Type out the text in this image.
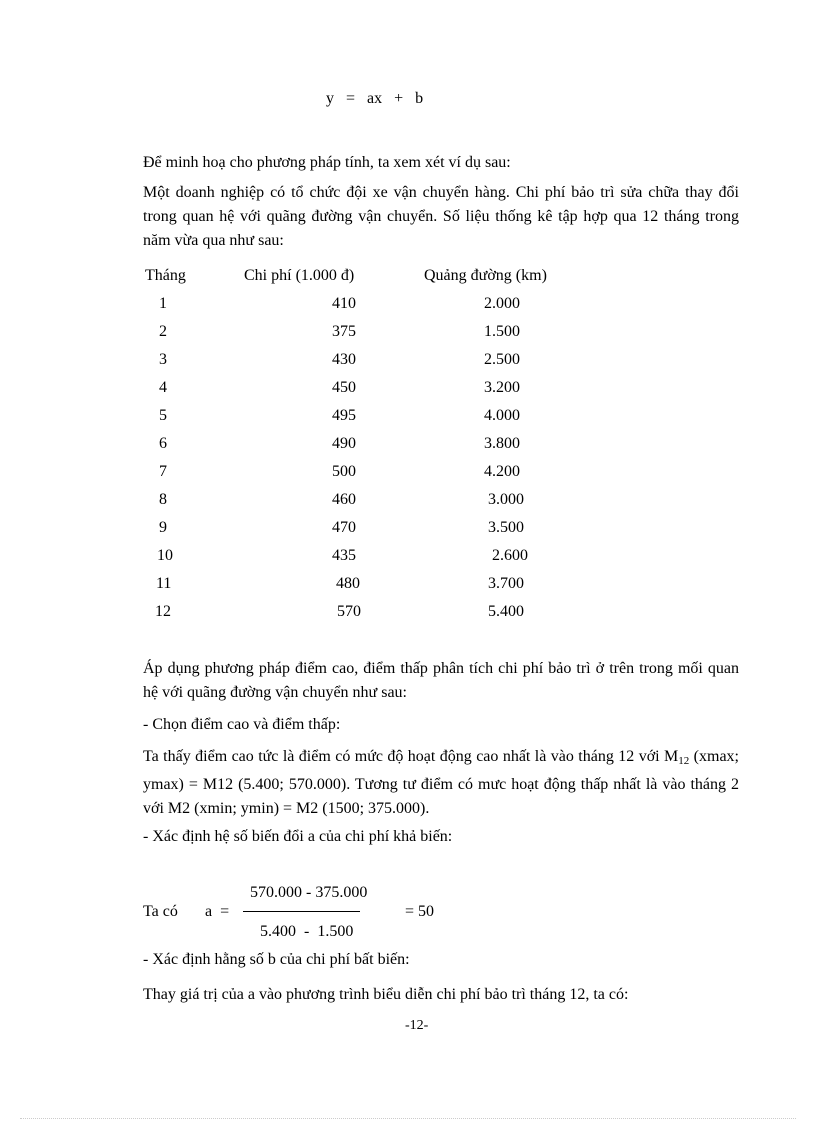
y   =   ax   +   b
Để minh hoạ cho phương pháp tính, ta xem xét ví dụ sau:
Một doanh nghiệp có tổ chức đội xe vận chuyển hàng. Chi phí bảo trì sửa chữa thay đổi trong quan hệ với quãng đường vận chuyển. Số liệu thống kê tập hợp qua 12 tháng trong năm vừa qua như sau:
Tháng	Chi phí (1.000 đ)	Quảng đường (km)
1	410	2.000
2	375	1.500
3	430	2.500
4	450	3.200
5	495	4.000
6	490	3.800
7	500	4.200
8	460	3.000
9	470	3.500
10	435	2.600
11	480	3.700
12	570	5.400
Áp dụng phương pháp điểm cao, điểm thấp phân tích chi phí bảo trì ở trên trong mối quan hệ với quãng đường vận chuyển như sau:
- Chọn điểm cao và điểm thấp:
Ta thấy điểm cao tức là điểm có mức độ hoạt động cao nhất là vào tháng 12 với $M_{12}$ (xmax; ymax) = M12 (5.400; 570.000). Tương tư điểm có mưc hoạt động thấp nhất là vào tháng 2 với M2 (xmin; ymin) = M2 (1500; 375.000).
- Xác định hệ số biến đổi a của chi phí khả biến:
Ta có a  =
570.000 - 375.000
5.400  -  1.500
= 50
- Xác định hằng số b của chi phí bất biến:
Thay giá trị của a vào phương trình biểu diễn chi phí bảo trì tháng 12, ta có:
-12-
